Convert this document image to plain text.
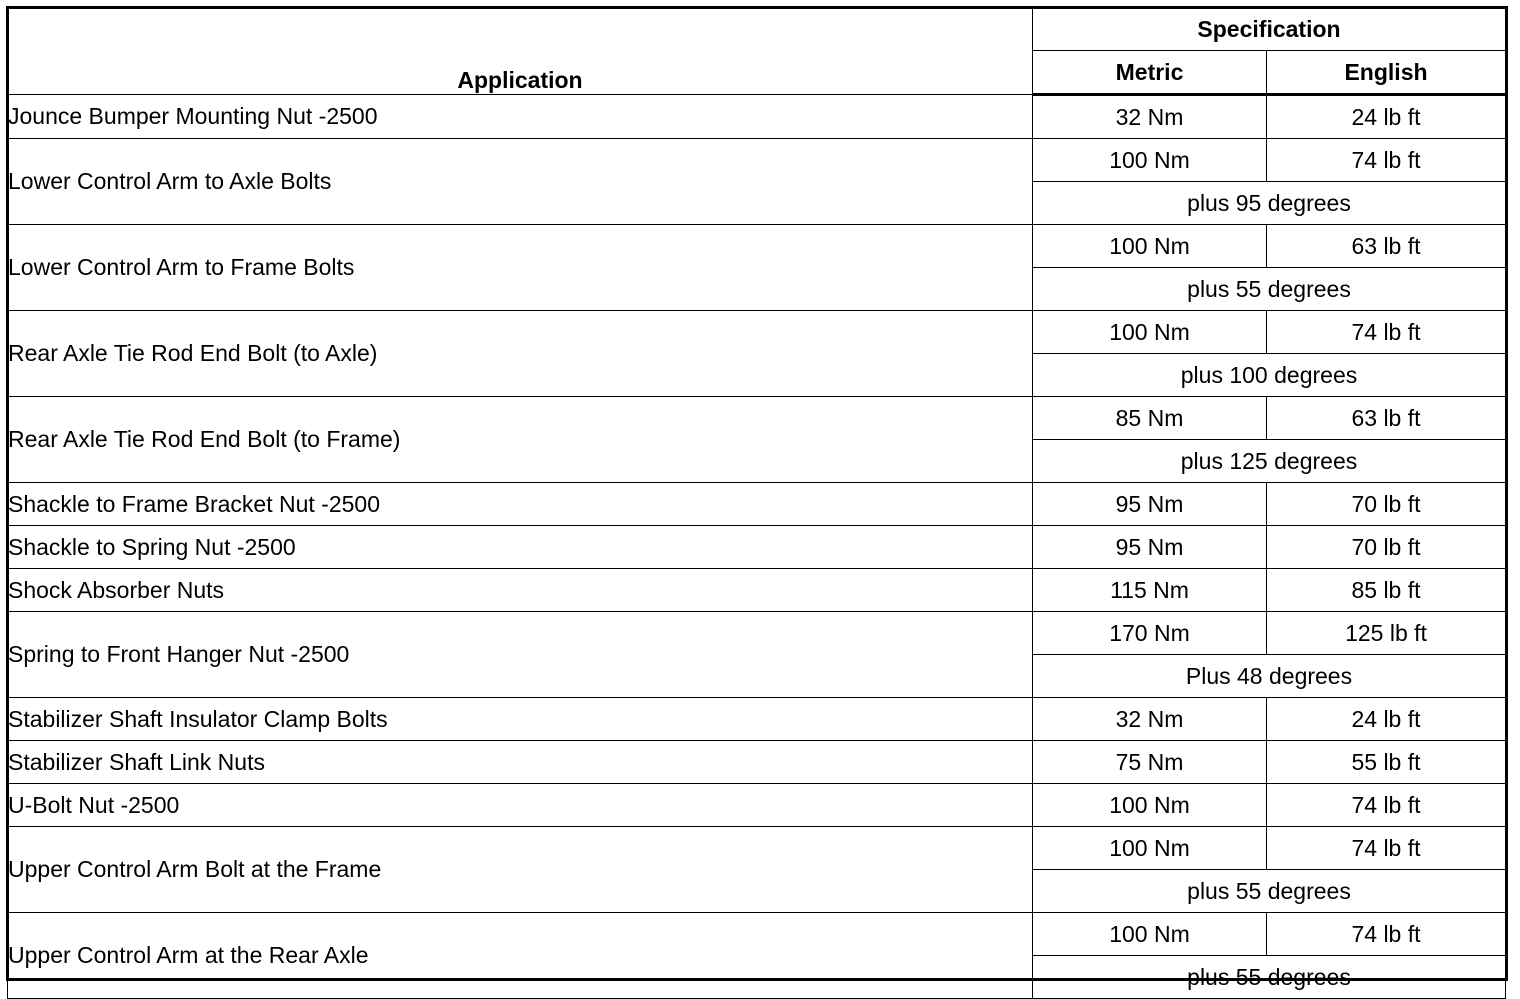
Application	Specification	
	Metric	English
Jounce Bumper Mounting Nut -2500	32 Nm	24 lb ft
Lower Control Arm to Axle Bolts	100 Nm	74 lb ft
	plus 95 degrees	
Lower Control Arm to Frame Bolts	100 Nm	63 lb ft
	plus 55 degrees	
Rear Axle Tie Rod End Bolt (to Axle)	100 Nm	74 lb ft
	plus 100 degrees	
Rear Axle Tie Rod End Bolt (to Frame)	85 Nm	63 lb ft
	plus 125 degrees	
Shackle to Frame Bracket Nut -2500	95 Nm	70 lb ft
Shackle to Spring Nut -2500	95 Nm	70 lb ft
Shock Absorber Nuts	115 Nm	85 lb ft
Spring to Front Hanger Nut -2500	170 Nm	125 lb ft
	Plus 48 degrees	
Stabilizer Shaft Insulator Clamp Bolts	32 Nm	24 lb ft
Stabilizer Shaft Link Nuts	75 Nm	55 lb ft
U-Bolt Nut -2500	100 Nm	74 lb ft
Upper Control Arm Bolt at the Frame	100 Nm	74 lb ft
	plus 55 degrees	
Upper Control Arm at the Rear Axle	100 Nm	74 lb ft
	plus 55 degrees	
